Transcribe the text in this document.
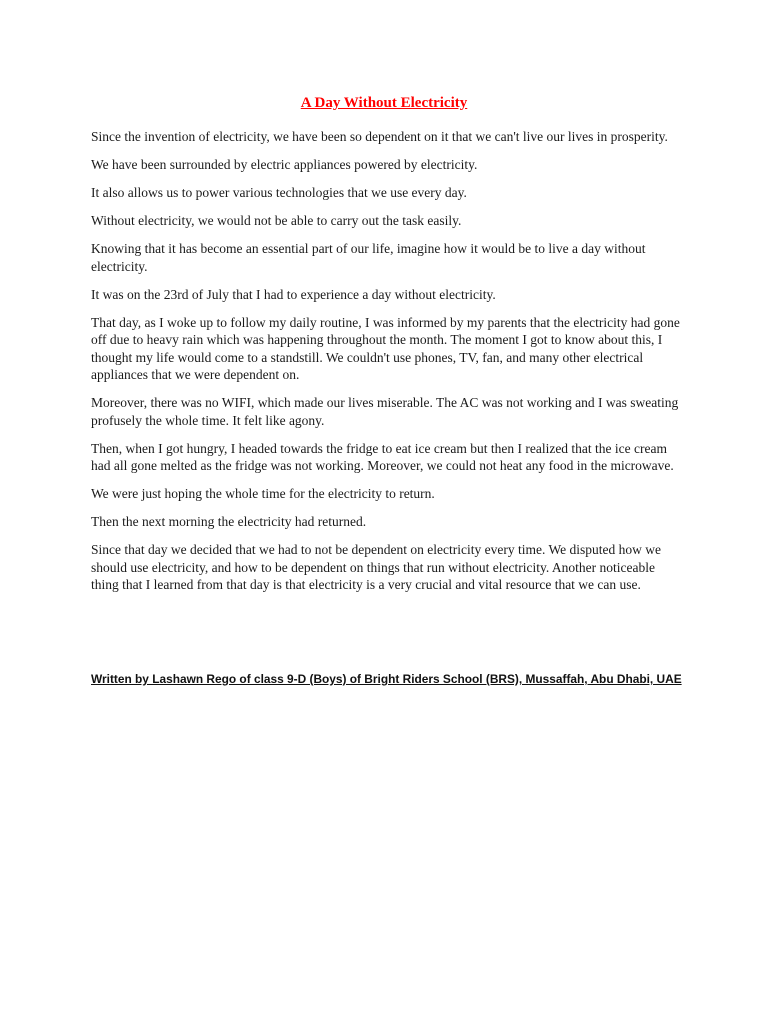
A Day Without Electricity

Since the invention of electricity, we have been so dependent on it that we can't live our lives in prosperity.

We have been surrounded by electric appliances powered by electricity.

It also allows us to power various technologies that we use every day.

Without electricity, we would not be able to carry out the task easily.

Knowing that it has become an essential part of our life, imagine how it would be to live a day without electricity.

It was on the 23rd of July that I had to experience a day without electricity.

That day, as I woke up to follow my daily routine, I was informed by my parents that the electricity had gone off due to heavy rain which was happening throughout the month. The moment I got to know about this, I thought my life would come to a standstill. We couldn't use phones, TV, fan, and many other electrical appliances that we were dependent on.

Moreover, there was no WIFI, which made our lives miserable. The AC was not working and I was sweating profusely the whole time. It felt like agony.

Then, when I got hungry, I headed towards the fridge to eat ice cream but then I realized that the ice cream had all gone melted as the fridge was not working. Moreover, we could not heat any food in the microwave.

We were just hoping the whole time for the electricity to return.

Then the next morning the electricity had returned.

Since that day we decided that we had to not be dependent on electricity every time. We disputed how we should use electricity, and how to be dependent on things that run without electricity. Another noticeable thing that I learned from that day is that electricity is a very crucial and vital resource that we can use.

Written by Lashawn Rego of class 9-D (Boys) of Bright Riders School (BRS), Mussaffah, Abu Dhabi, UAE
